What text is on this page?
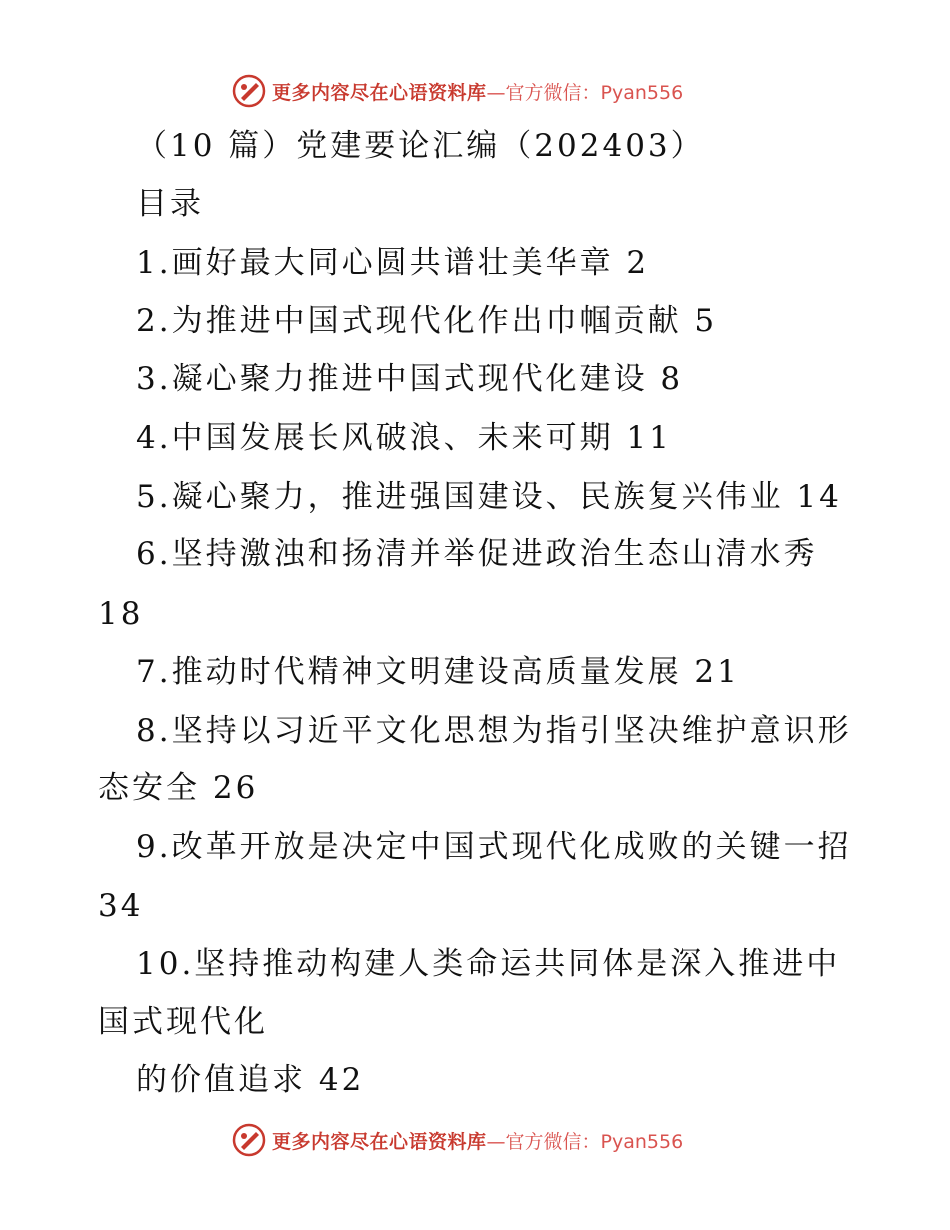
更多内容尽在心语资料库 —官方微信：Pyan556
（10 篇）党建要论汇编（202403）
目录
1.画好最大同心圆共谱壮美华章 2
2.为推进中国式现代化作出巾帼贡献 5
3.凝心聚力推进中国式现代化建设 8
4.中国发展长风破浪、未来可期 11
5.凝心聚力，推进强国建设、民族复兴伟业 14
6.坚持激浊和扬清并举促进政治生态山清水秀
18
7.推动时代精神文明建设高质量发展 21
8.坚持以习近平文化思想为指引坚决维护意识形
态安全 26
9.改革开放是决定中国式现代化成败的关键一招
34
10.坚持推动构建人类命运共同体是深入推进中
国式现代化
的价值追求 42
更多内容尽在心语资料库 —官方微信：Pyan556
